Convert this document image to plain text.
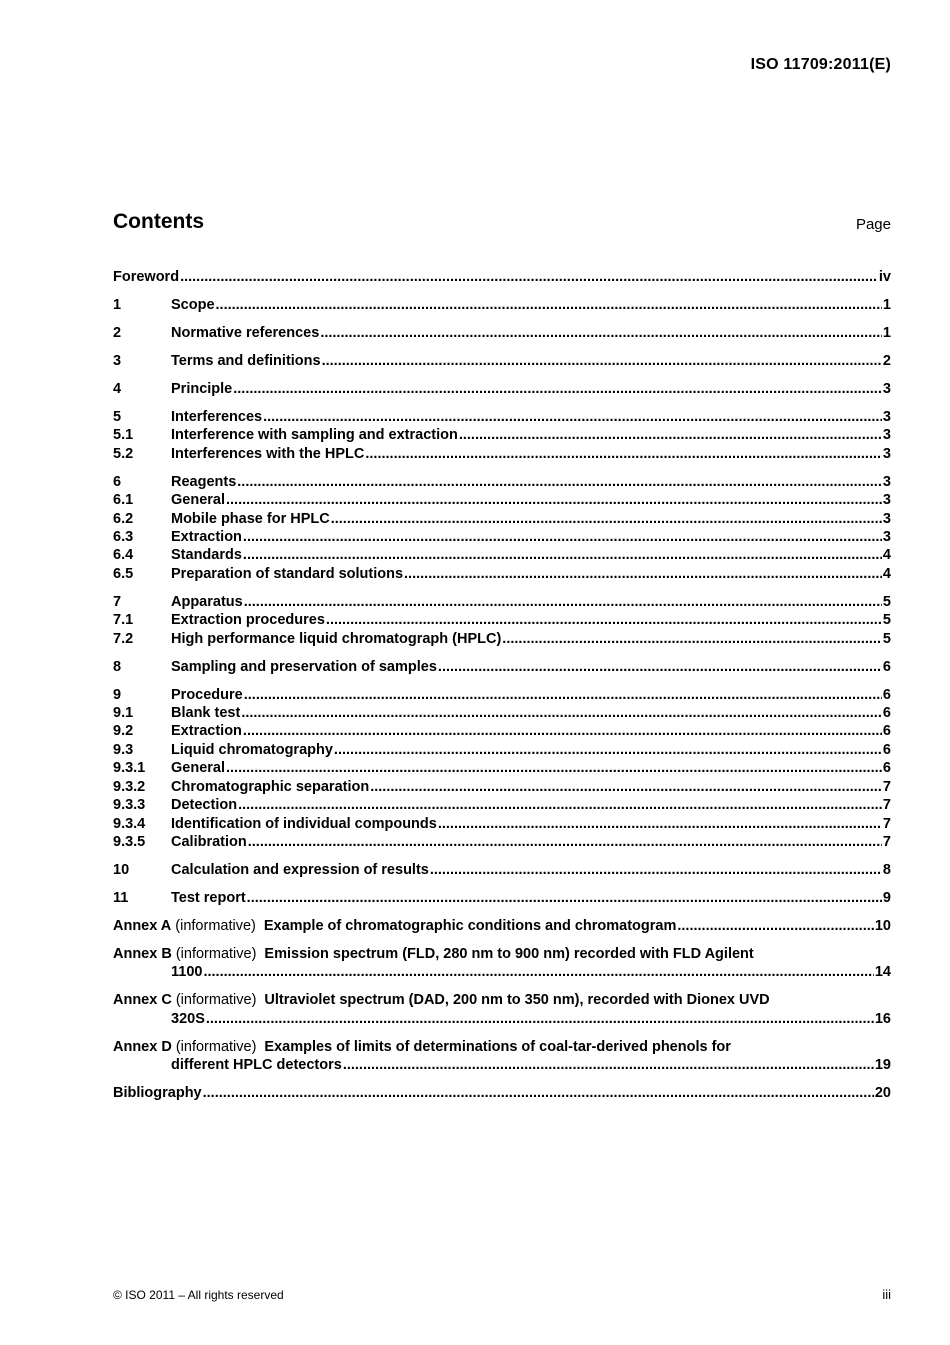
ISO 11709:2011(E)
Contents	Page
Foreword .....	iv
1	Scope .....	1
2	Normative references .....	1
3	Terms and definitions .....	2
4	Principle .....	3
5	Interferences .....	3
5.1	Interference with sampling and extraction .....	3
5.2	Interferences with the HPLC .....	3
6	Reagents .....	3
6.1	General .....	3
6.2	Mobile phase for HPLC .....	3
6.3	Extraction .....	3
6.4	Standards .....	4
6.5	Preparation of standard solutions .....	4
7	Apparatus .....	5
7.1	Extraction procedures .....	5
7.2	High performance liquid chromatograph (HPLC) .....	5
8	Sampling and preservation of samples .....	6
9	Procedure .....	6
9.1	Blank test .....	6
9.2	Extraction .....	6
9.3	Liquid chromatography .....	6
9.3.1	General .....	6
9.3.2	Chromatographic separation .....	7
9.3.3	Detection .....	7
9.3.4	Identification of individual compounds .....	7
9.3.5	Calibration .....	7
10	Calculation and expression of results .....	8
11	Test report .....	9
Annex A (informative) Example of chromatographic conditions and chromatogram .....	10
Annex B (informative) Emission spectrum (FLD, 280 nm to 900 nm) recorded with FLD Agilent
1100 .....	14
Annex C (informative) Ultraviolet spectrum (DAD, 200 nm to 350 nm), recorded with Dionex UVD
320S .....	16
Annex D (informative) Examples of limits of determinations of coal-tar-derived phenols for
different HPLC detectors .....	19
Bibliography .....	20
© ISO 2011 – All rights reserved	iii
